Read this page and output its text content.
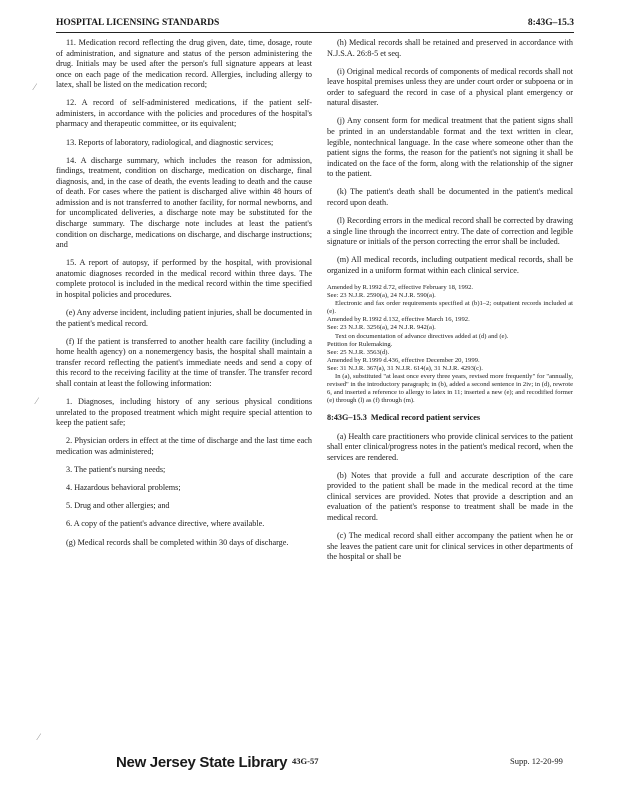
HOSPITAL LICENSING STANDARDS	8:43G–15.3

11. Medication record reflecting the drug given, date, time, dosage, route of administration, and signature and status of the person administering the drug. Initials may be used after the person's full signature appears at least once on each page of the medication record. Allergies, including allergy to latex, shall be listed on the medication record;

12. A record of self-administered medications, if the patient self-administers, in accordance with the policies and procedures of the hospital's pharmacy and therapeutic committee, or its equivalent;

13. Reports of laboratory, radiological, and diagnostic services;

14. A discharge summary, which includes the reason for admission, findings, treatment, condition on discharge, medication on discharge, final diagnosis, and, in the case of death, the events leading to death and the cause of death. For cases where the patient is discharged alive within 48 hours of admission and is not transferred to another facility, for normal newborns, and for uncomplicated deliveries, a discharge note may be substituted for the discharge summary. The discharge note includes at least the patient's condition on discharge, medications on discharge, and discharge instructions; and

15. A report of autopsy, if performed by the hospital, with provisional anatomic diagnoses recorded in the medical record within three days. The complete protocol is included in the medical record within the time specified in hospital policies and procedures.

(e) Any adverse incident, including patient injuries, shall be documented in the patient's medical record.

(f) If the patient is transferred to another health care facility (including a home health agency) on a nonemergency basis, the hospital shall maintain a transfer record reflecting the patient's immediate needs and send a copy of this record to the receiving facility at the time of transfer. The transfer record shall contain at least the following information:

1. Diagnoses, including history of any serious physical conditions unrelated to the proposed treatment which might require special attention to keep the patient safe;

2. Physician orders in effect at the time of discharge and the last time each medication was administered;

3. The patient's nursing needs;

4. Hazardous behavioral problems;

5. Drug and other allergies; and

6. A copy of the patient's advance directive, where available.

(g) Medical records shall be completed within 30 days of discharge.

(h) Medical records shall be retained and preserved in accordance with N.J.S.A. 26:8-5 et seq.

(i) Original medical records of components of medical records shall not leave hospital premises unless they are under court order or subpoena or in order to safeguard the record in case of a physical plant emergency or natural disaster.

(j) Any consent form for medical treatment that the patient signs shall be printed in an understandable format and the text written in clear, legible, nontechnical language. In the case where someone other than the patient signs the forms, the reason for the patient's not signing it shall be indicated on the face of the form, along with the relationship of the signer to the patient.

(k) The patient's death shall be documented in the patient's medical record upon death.

(l) Recording errors in the medical record shall be corrected by drawing a single line through the incorrect entry. The date of correction and legible signature or initials of the person correcting the error shall be included.

(m) All medical records, including outpatient medical records, shall be organized in a uniform format within each clinical service.

Amended by R.1992 d.72, effective February 18, 1992.
See: 23 N.J.R. 2590(a), 24 N.J.R. 590(a).
Electronic and fax order requirements specified at (b)1–2; outpatient records included at (e).
Amended by R.1992 d.132, effective March 16, 1992.
See: 23 N.J.R. 3256(a), 24 N.J.R. 942(a).
Text on documentation of advance directives added at (d) and (e).
Petition for Rulemaking.
See: 25 N.J.R. 3563(d).
Amended by R.1999 d.436, effective December 20, 1999.
See: 31 N.J.R. 367(a), 31 N.J.R. 614(a), 31 N.J.R. 4293(c).
In (a), substituted "at least once every three years, revised more frequently" for "annually, revised" in the introductory paragraph; in (b), added a second sentence in 2iv; in (d), rewrote 6, and inserted a reference to allergy to latex in 11; inserted a new (e); and recodified former (e) through (l) as (f) through (m).

8:43G–15.3 Medical record patient services

(a) Health care practitioners who provide clinical services to the patient shall enter clinical/progress notes in the patient's medical record, when the services are rendered.

(b) Notes that provide a full and accurate description of the care provided to the patient shall be made in the medical record at the time clinical services are provided. Notes that provide a description and an evaluation of the patient's response to treatment shall be made in the medical record.

(c) The medical record shall either accompany the patient when he or she leaves the patient care unit for clinical services in other departments of the hospital or shall be

⁄
⁄
⁄
New Jersey State Library 43G-57	Supp. 12-20-99
